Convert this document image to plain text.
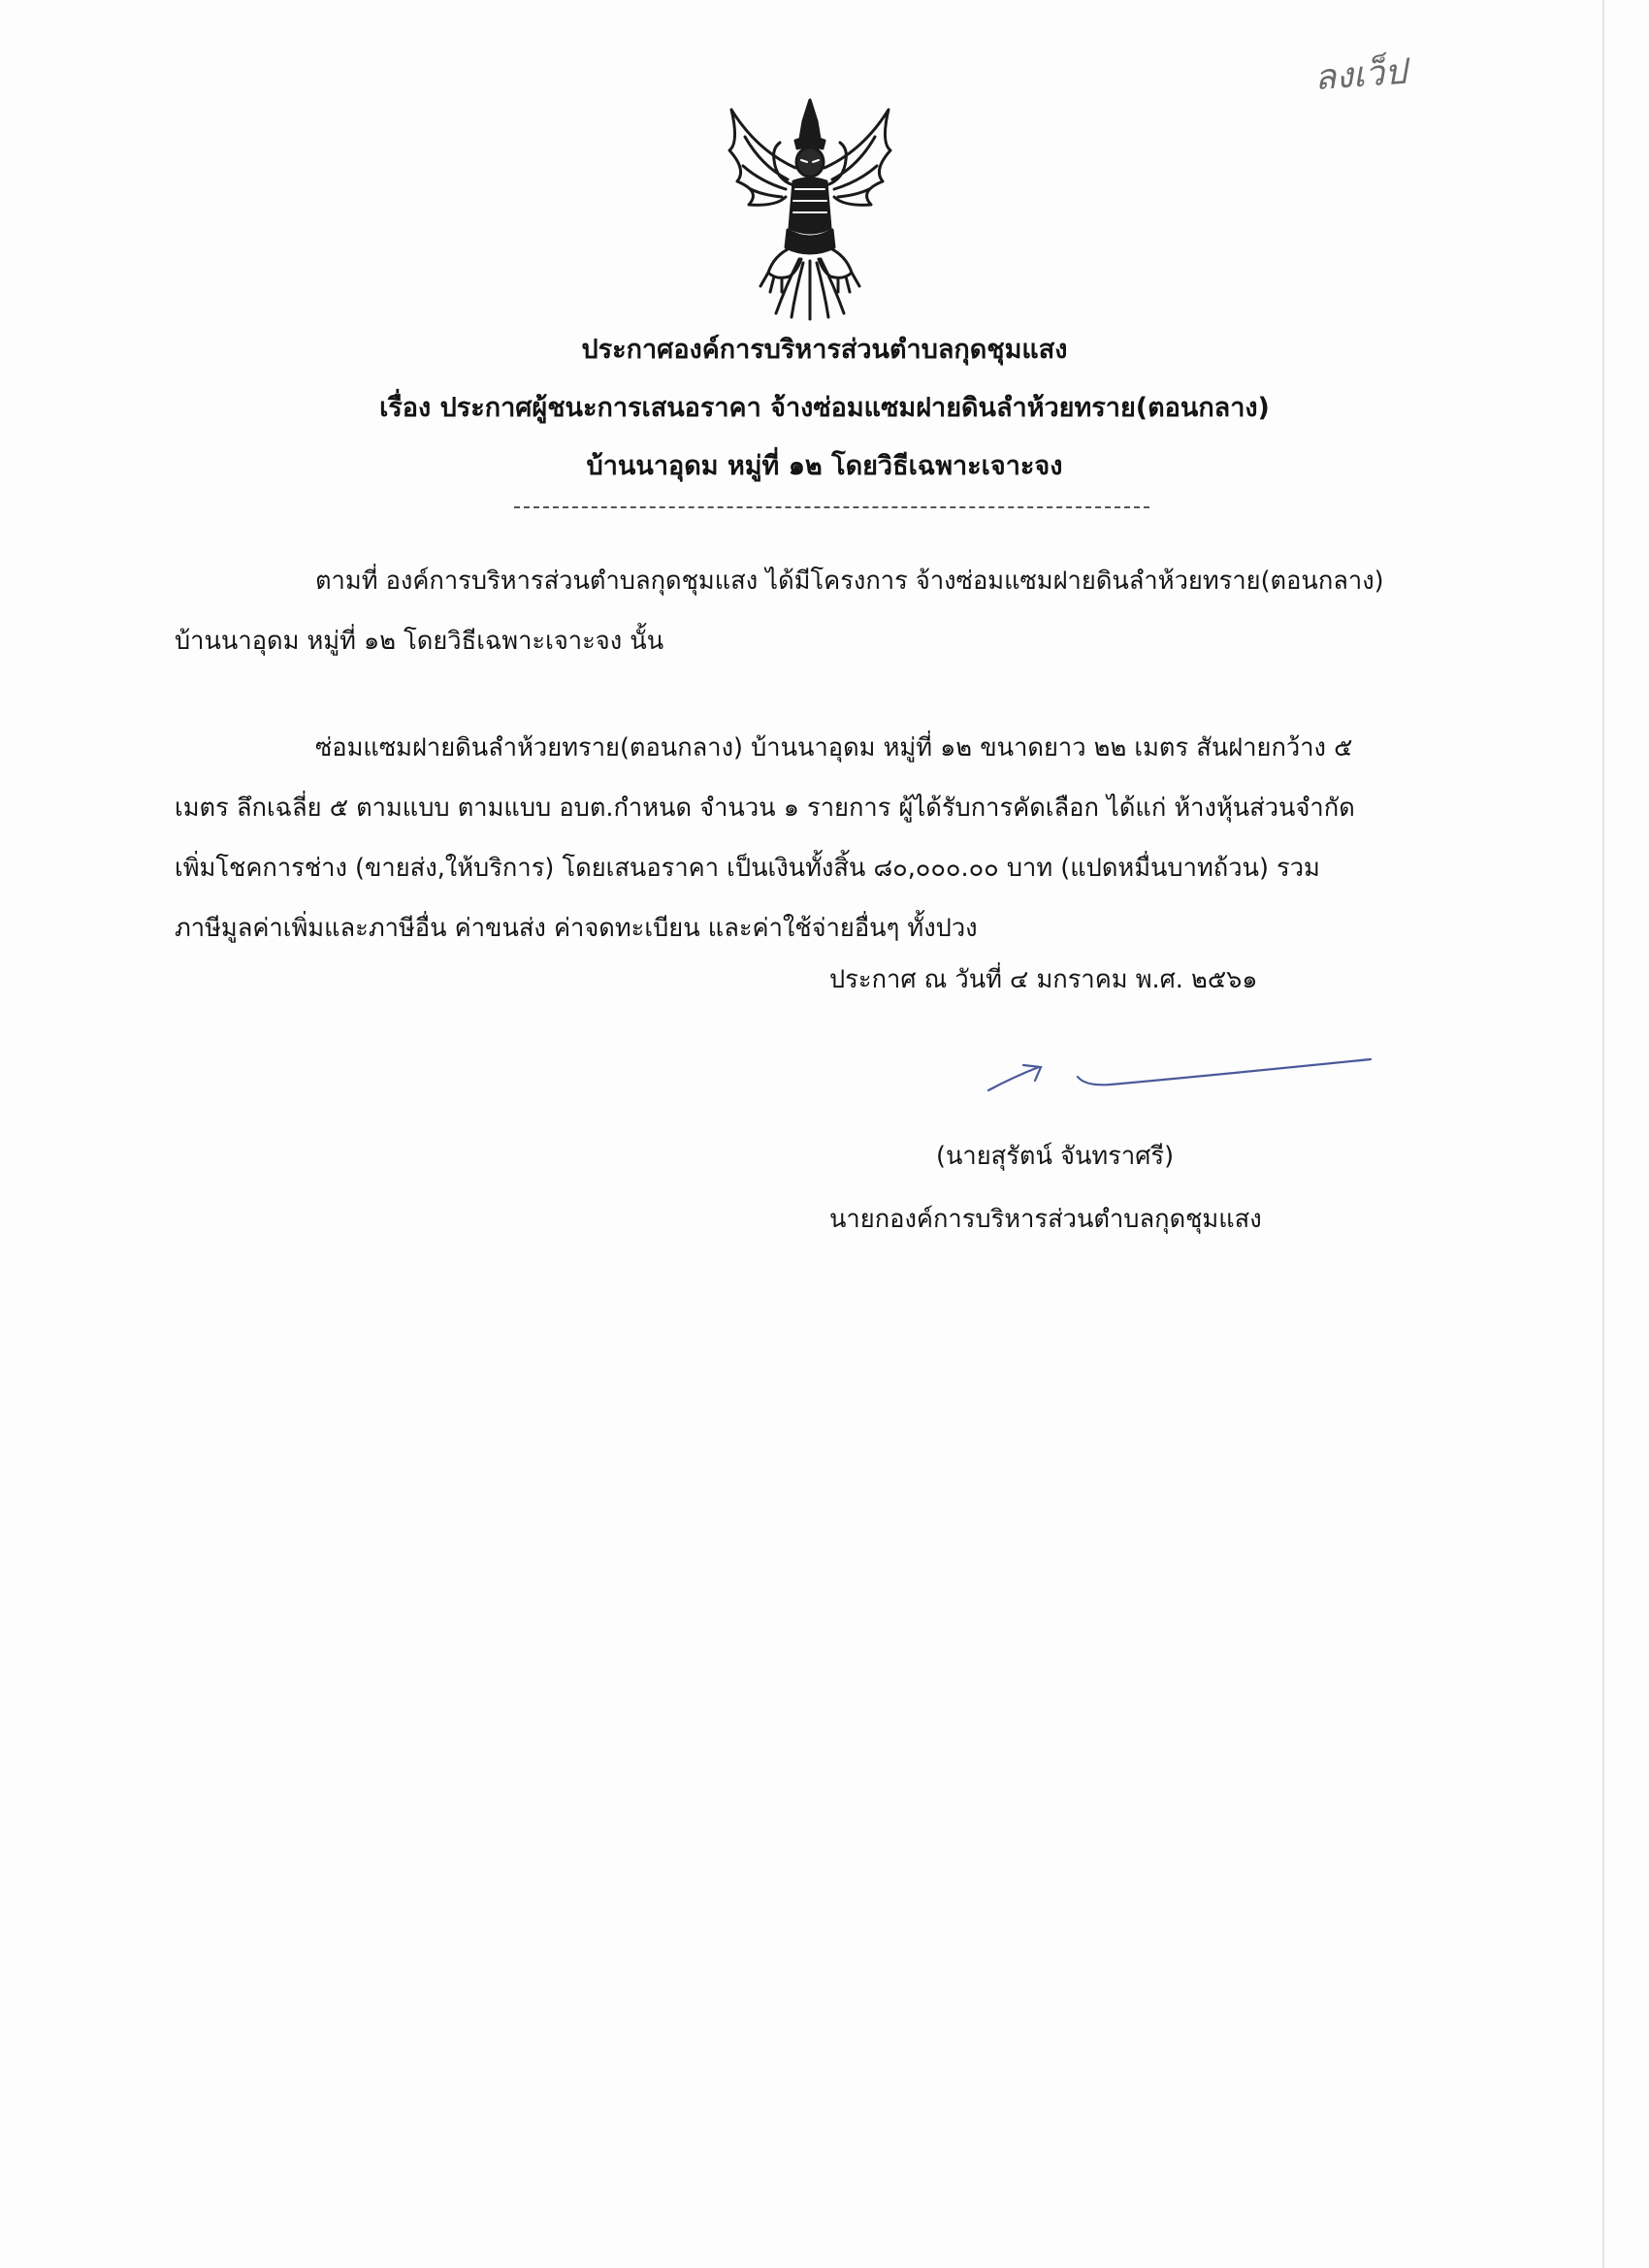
ลงเว็ป
ประกาศองค์การบริหารส่วนตำบลกุดชุมแสง
เรื่อง ประกาศผู้ชนะการเสนอราคา จ้างซ่อมแซมฝายดินลำห้วยทราย(ตอนกลาง)
บ้านนาอุดม หมู่ที่ ๑๒ โดยวิธีเฉพาะเจาะจง

ตามที่ องค์การบริหารส่วนตำบลกุดชุมแสง ได้มีโครงการ จ้างซ่อมแซมฝายดินลำห้วยทราย(ตอนกลาง)

บ้านนาอุดม หมู่ที่ ๑๒ โดยวิธีเฉพาะเจาะจง นั้น

ซ่อมแซมฝายดินลำห้วยทราย(ตอนกลาง) บ้านนาอุดม หมู่ที่ ๑๒ ขนาดยาว ๒๒ เมตร สันฝายกว้าง ๕

เมตร ลึกเฉลี่ย ๕ ตามแบบ ตามแบบ อบต.กำหนด จำนวน ๑ รายการ ผู้ได้รับการคัดเลือก ได้แก่ ห้างหุ้นส่วนจำกัด

เพิ่มโชคการช่าง (ขายส่ง,ให้บริการ) โดยเสนอราคา เป็นเงินทั้งสิ้น ๘๐,๐๐๐.๐๐ บาท (แปดหมื่นบาทถ้วน) รวม

ภาษีมูลค่าเพิ่มและภาษีอื่น ค่าขนส่ง ค่าจดทะเบียน และค่าใช้จ่ายอื่นๆ ทั้งปวง

ประกาศ ณ วันที่ ๔ มกราคม พ.ศ. ๒๕๖๑
(นายสุรัตน์ จันทราศรี)
นายกองค์การบริหารส่วนตำบลกุดชุมแสง
